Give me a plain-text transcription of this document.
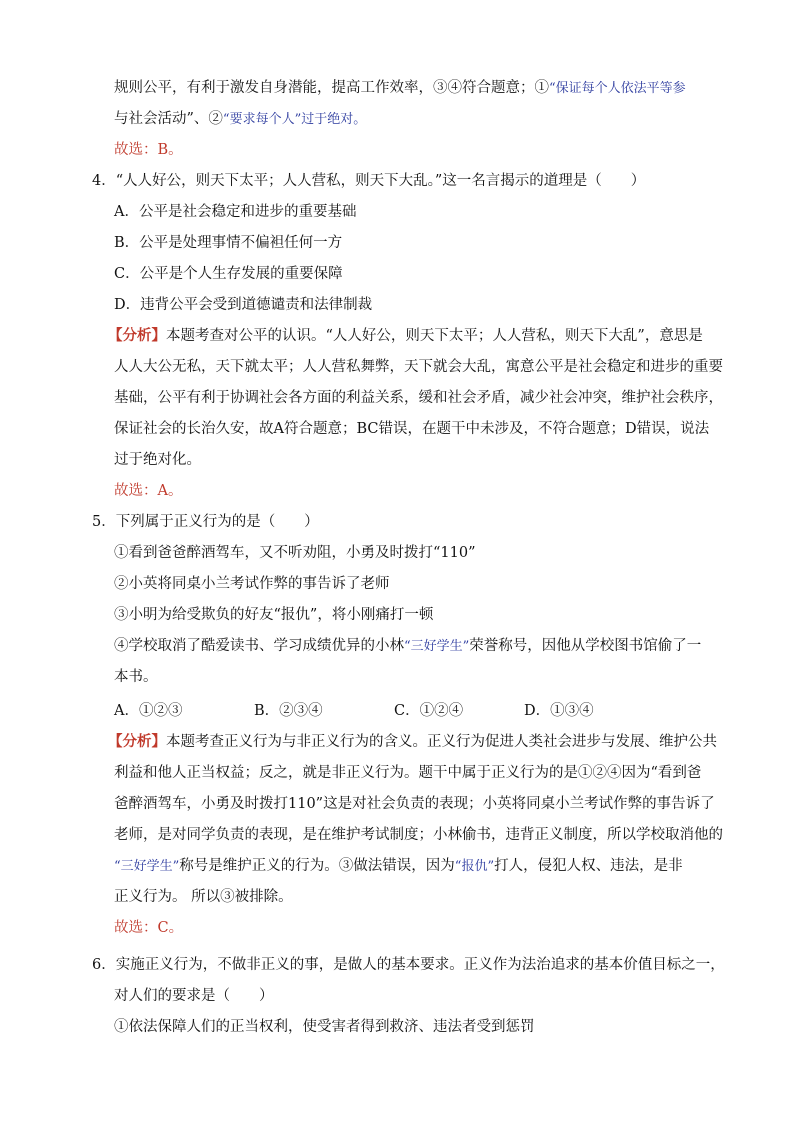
规则公平，有利于激发自身潜能，提高工作效率，③④符合题意；①“保证每个人依法平等参
与社会活动”、②“要求每个人”过于绝对。
故选：B。
4．“人人好公，则天下太平；人人营私，则天下大乱。”这一名言揭示的道理是（　　）
A．公平是社会稳定和进步的重要基础
B．公平是处理事情不偏袒任何一方
C．公平是个人生存发展的重要保障
D．违背公平会受到道德谴责和法律制裁
【分析】本题考查对公平的认识。“人人好公，则天下太平；人人营私，则天下大乱”，意思是
人人大公无私，天下就太平；人人营私舞弊，天下就会大乱，寓意公平是社会稳定和进步的重要
基础，公平有利于协调社会各方面的利益关系，缓和社会矛盾，减少社会冲突，维护社会秩序，
保证社会的长治久安，故A符合题意；BC错误，在题干中未涉及，不符合题意；D错误，说法
过于绝对化。
故选：A。
5．下列属于正义行为的是（　　）
①看到爸爸醉酒驾车，又不听劝阻，小勇及时拨打“110”
②小英将同桌小兰考试作弊的事告诉了老师
③小明为给受欺负的好友“报仇”，将小刚痛打一顿
④学校取消了酷爱读书、学习成绩优异的小林“三好学生”荣誉称号，因他从学校图书馆偷了一
本书。
A．①②③	B．②③④	C．①②④	D．①③④
【分析】本题考查正义行为与非正义行为的含义。正义行为促进人类社会进步与发展、维护公共
利益和他人正当权益；反之，就是非正义行为。题干中属于正义行为的是①②④因为“看到爸
爸醉酒驾车，小勇及时拨打110”这是对社会负责的表现；小英将同桌小兰考试作弊的事告诉了
老师，是对同学负责的表现，是在维护考试制度；小林偷书，违背正义制度，所以学校取消他的
“三好学生”称号是维护正义的行为。③做法错误，因为“报仇”打人，侵犯人权、违法，是非
正义行为。 所以③被排除。
故选：C。
6．实施正义行为，不做非正义的事，是做人的基本要求。正义作为法治追求的基本价值目标之一，
对人们的要求是（　　）
①依法保障人们的正当权利，使受害者得到救济、违法者受到惩罚
